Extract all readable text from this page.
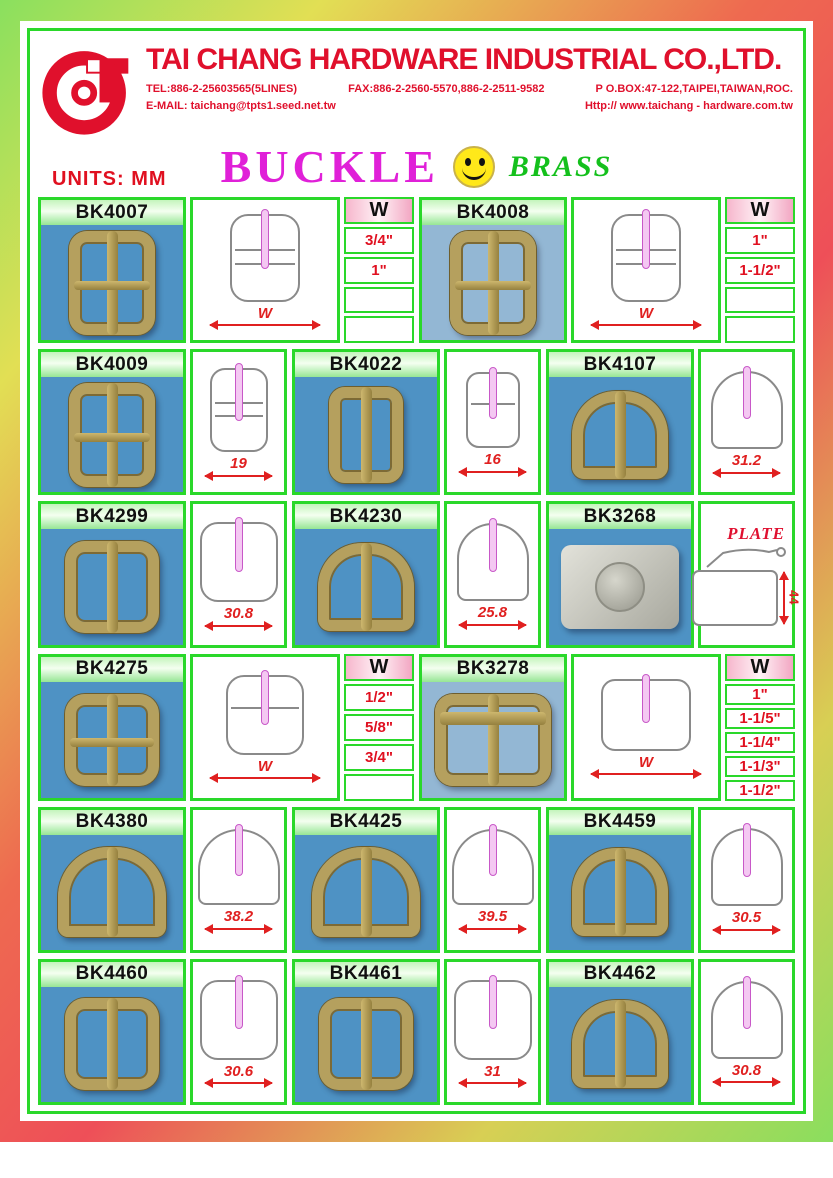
TAI CHANG HARDWARE INDUSTRIAL CO.,LTD.
TEL:886-2-25603565(5LINES)	FAX:886-2-2560-5570,886-2-2511-9582	P O.BOX:47-122,TAIPEI,TAIWAN,ROC.
E-MAIL: taichang@tpts1.seed.net.tw	Http:// www.taichang - hardware.com.tw
UNITS: MM BUCKLE BRASS
BK4007
W
W
3/4"
1"
BK4008
W
W
1"
1-1/2"
BK4009
19
BK4022
16
BK4107
31.2
BK4299
30.8
BK4230
25.8
BK3268
PLATE
44
BK4275
W
W
1/2"
5/8"
3/4"
BK3278
W
W
1"
1-1/5"
1-1/4"
1-1/3"
1-1/2"
BK4380
38.2
BK4425
39.5
BK4459
30.5
BK4460
30.6
BK4461
31
BK4462
30.8
